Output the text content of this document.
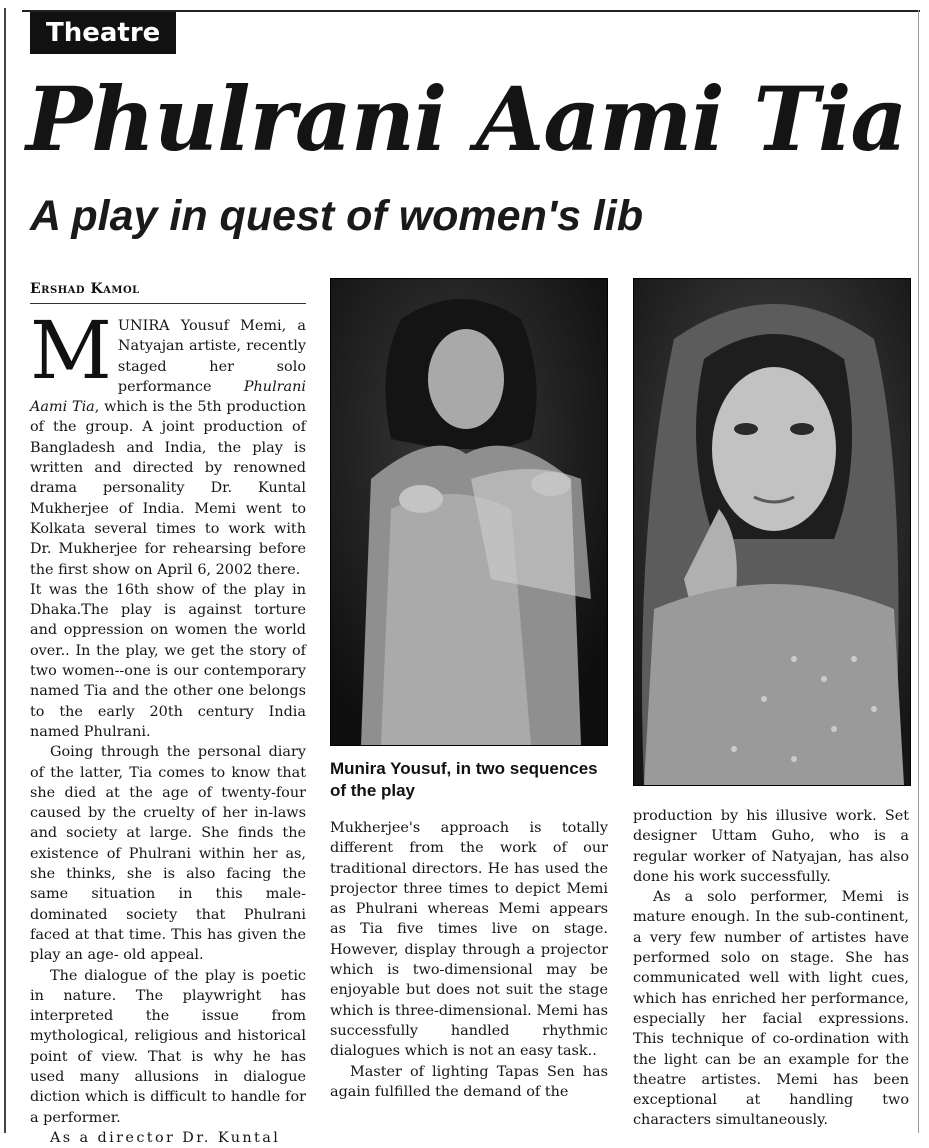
Theatre
Phulrani Aami Tia
A play in quest of women's lib
Ershad Kamol

MUNIRA Yousuf Memi, a Natyajan artiste, recently staged her solo performance Phulrani Aami Tia, which is the 5th production of the group. A joint production of Bangladesh and India, the play is written and directed by renowned drama personality Dr. Kuntal Mukherjee of India. Memi went to Kolkata several times to work with Dr. Mukherjee for rehearsing before the first show on April 6, 2002 there.

It was the 16th show of the play in Dhaka.The play is against torture and oppression on women the world over.. In the play, we get the story of two women--one is our contemporary named Tia and the other one belongs to the early 20th century India named Phulrani.

Going through the personal diary of the latter, Tia comes to know that she died at the age of twenty-four caused by the cruelty of her in-laws and society at large. She finds the existence of Phulrani within her as, she thinks, she is also facing the same situation in this male-dominated society that Phulrani faced at that time. This has given the play an age- old appeal.

The dialogue of the play is poetic in nature. The playwright has interpreted the issue from mythological, religious and historical point of view. That is why he has used many allusions in dialogue diction which is difficult to handle for a performer.

As a director Dr. Kuntal

Munira Yousuf, in two sequences of the play

Mukherjee's approach is totally different from the work of our traditional directors. He has used the projector three times to depict Memi as Phulrani whereas Memi appears as Tia five times live on stage. However, display through a projector which is two-dimensional may be enjoyable but does not suit the stage which is three-dimensional. Memi has successfully handled rhythmic dialogues which is not an easy task..

Master of lighting Tapas Sen has again fulfilled the demand of the

production by his illusive work. Set designer Uttam Guho, who is a regular worker of Natyajan, has also done his work successfully.

As a solo performer, Memi is mature enough. In the sub-continent, a very few number of artistes have performed solo on stage. She has communicated well with light cues, which has enriched her performance, especially her facial expressions. This technique of co-ordination with the light can be an example for the theatre artistes. Memi has been exceptional at handling two characters simultaneously.
